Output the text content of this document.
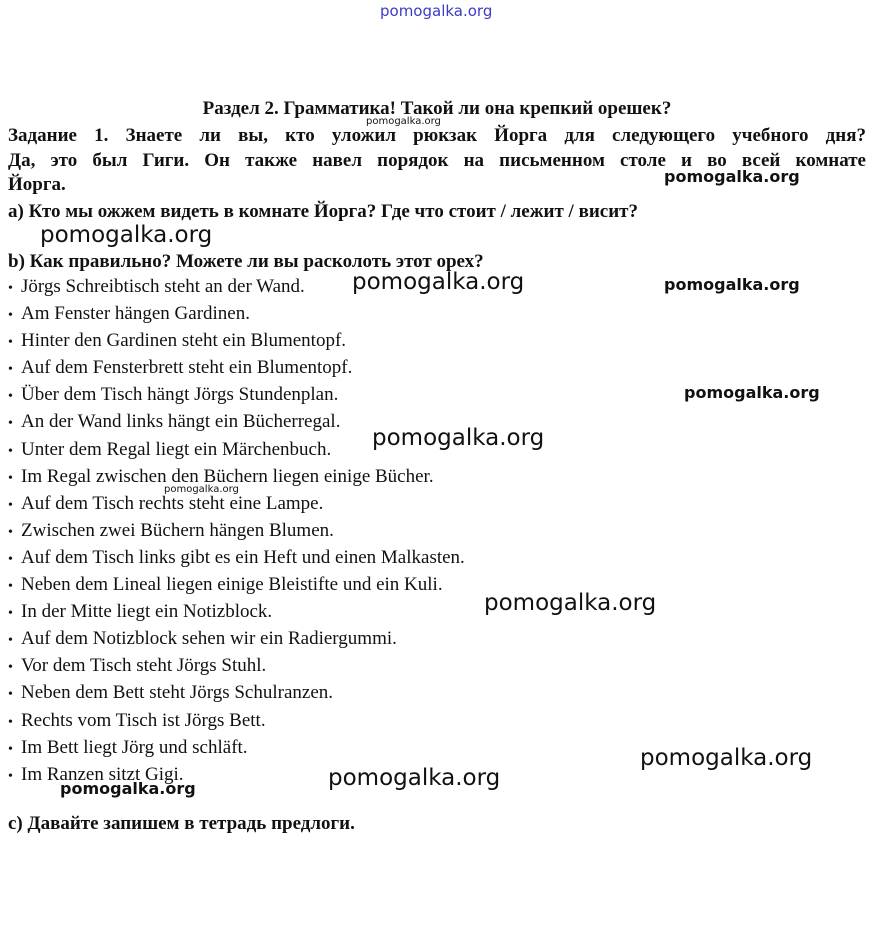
pomogalka.org
pomogalka.org
pomogalka.org
pomogalka.org
pomogalka.org	pomogalka.org
pomogalka.org
pomogalka.org
pomogalka.org
pomogalka.org
pomogalka.org
pomogalka.org
pomogalka.org
Раздел 2. Грамматика! Такой ли она крепкий орешек?
Задание 1. Знаете ли вы, кто уложил рюкзак Йорга для следующего учебного дня?
Да, это был Гиги. Он также навел порядок на письменном столе и во всей комнате
Йорга.
а) Кто мы ожжем видеть в комнате Йорга? Где что стоит / лежит / висит?
b) Как правильно? Можете ли вы расколоть этот орех?
• Jörgs Schreibtisch steht an der Wand.
• Am Fenster hängen Gardinen.
• Hinter den Gardinen steht ein Blumentopf.
• Auf dem Fensterbrett steht ein Blumentopf.
• Über dem Tisch hängt Jörgs Stundenplan.
• An der Wand links hängt ein Bücherregal.
• Unter dem Regal liegt ein Märchenbuch.
• Im Regal zwischen den Büchern liegen einige Bücher.
• Auf dem Tisch rechts steht eine Lampe.
• Zwischen zwei Büchern hängen Blumen.
• Auf dem Tisch links gibt es ein Heft und einen Malkasten.
• Neben dem Lineal liegen einige Bleistifte und ein Kuli.
• In der Mitte liegt ein Notizblock.
• Auf dem Notizblock sehen wir ein Radiergummi.
• Vor dem Tisch steht Jörgs Stuhl.
• Neben dem Bett steht Jörgs Schulranzen.
• Rechts vom Tisch ist Jörgs Bett.
• Im Bett liegt Jörg und schläft.
• Im Ranzen sitzt Gigi.
c) Давайте запишем в тетрадь предлоги.
